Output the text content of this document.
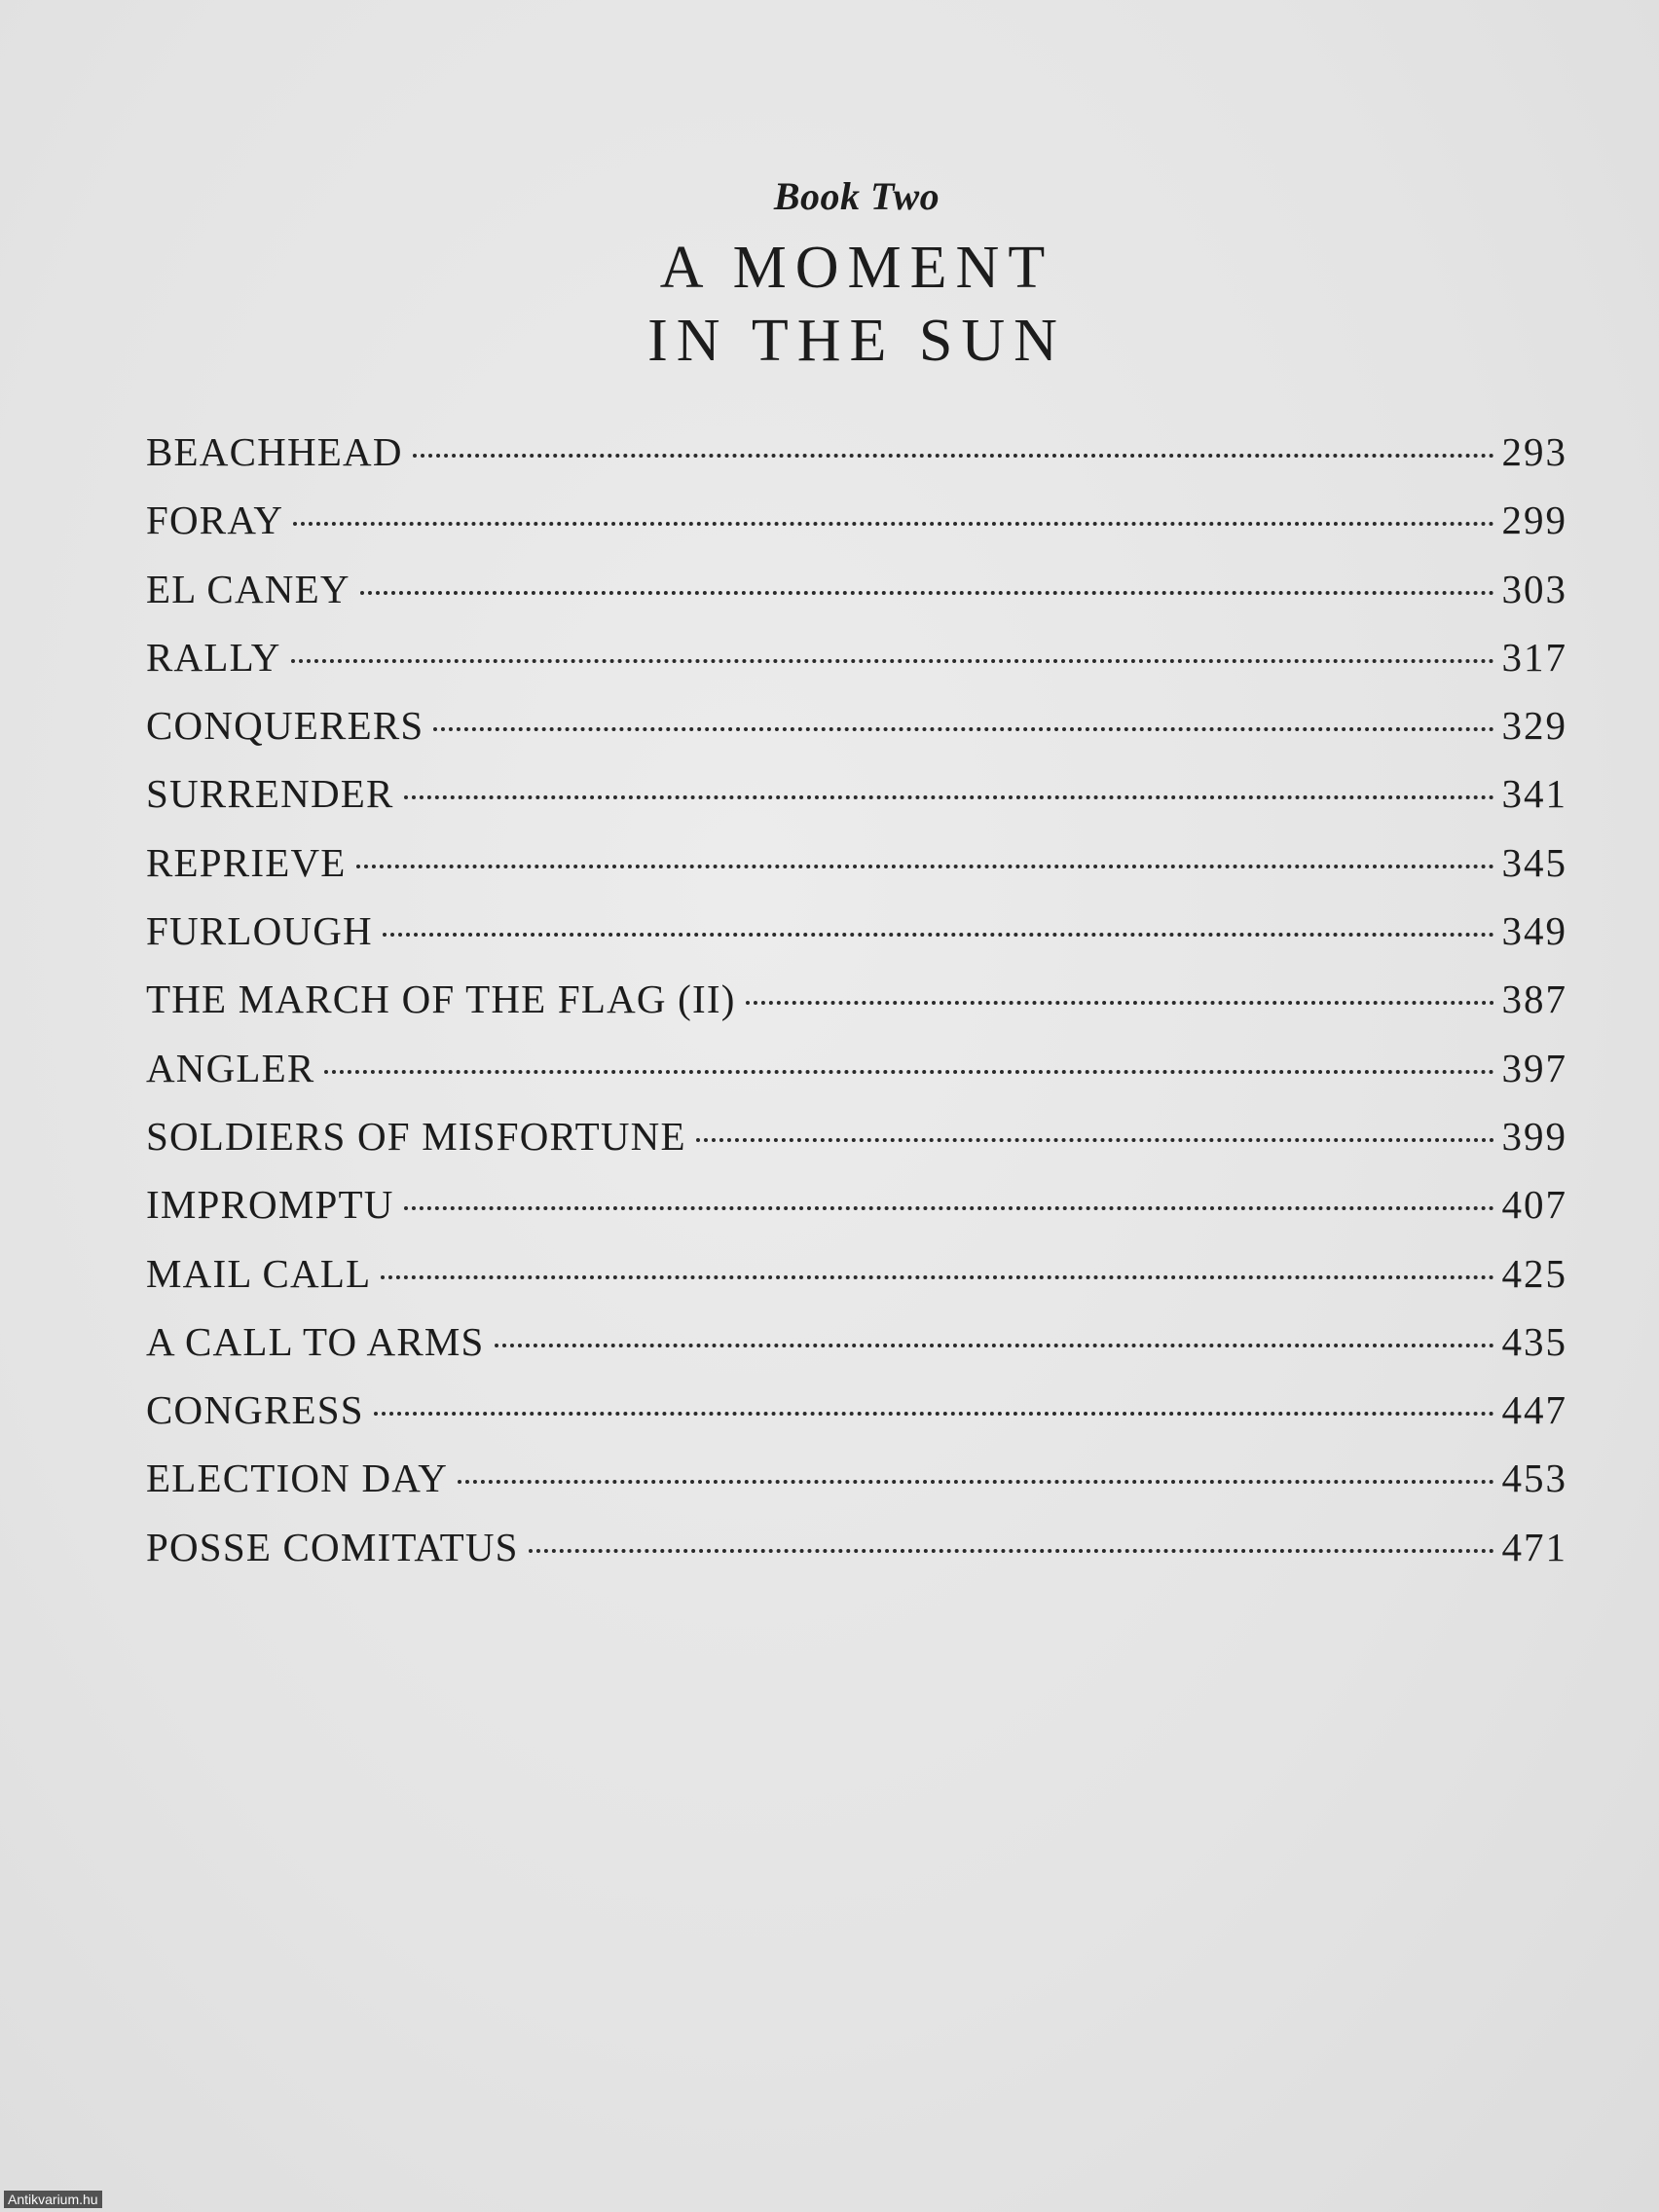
Book Two
A MOMENT
IN THE SUN
BEACHHEAD	293
FORAY	299
EL CANEY	303
RALLY	317
CONQUERERS	329
SURRENDER	341
REPRIEVE	345
FURLOUGH	349
THE MARCH OF THE FLAG (II)	387
ANGLER	397
SOLDIERS OF MISFORTUNE	399
IMPROMPTU	407
MAIL CALL	425
A CALL TO ARMS	435
CONGRESS	447
ELECTION DAY	453
POSSE COMITATUS	471
Antikvarium.hu
